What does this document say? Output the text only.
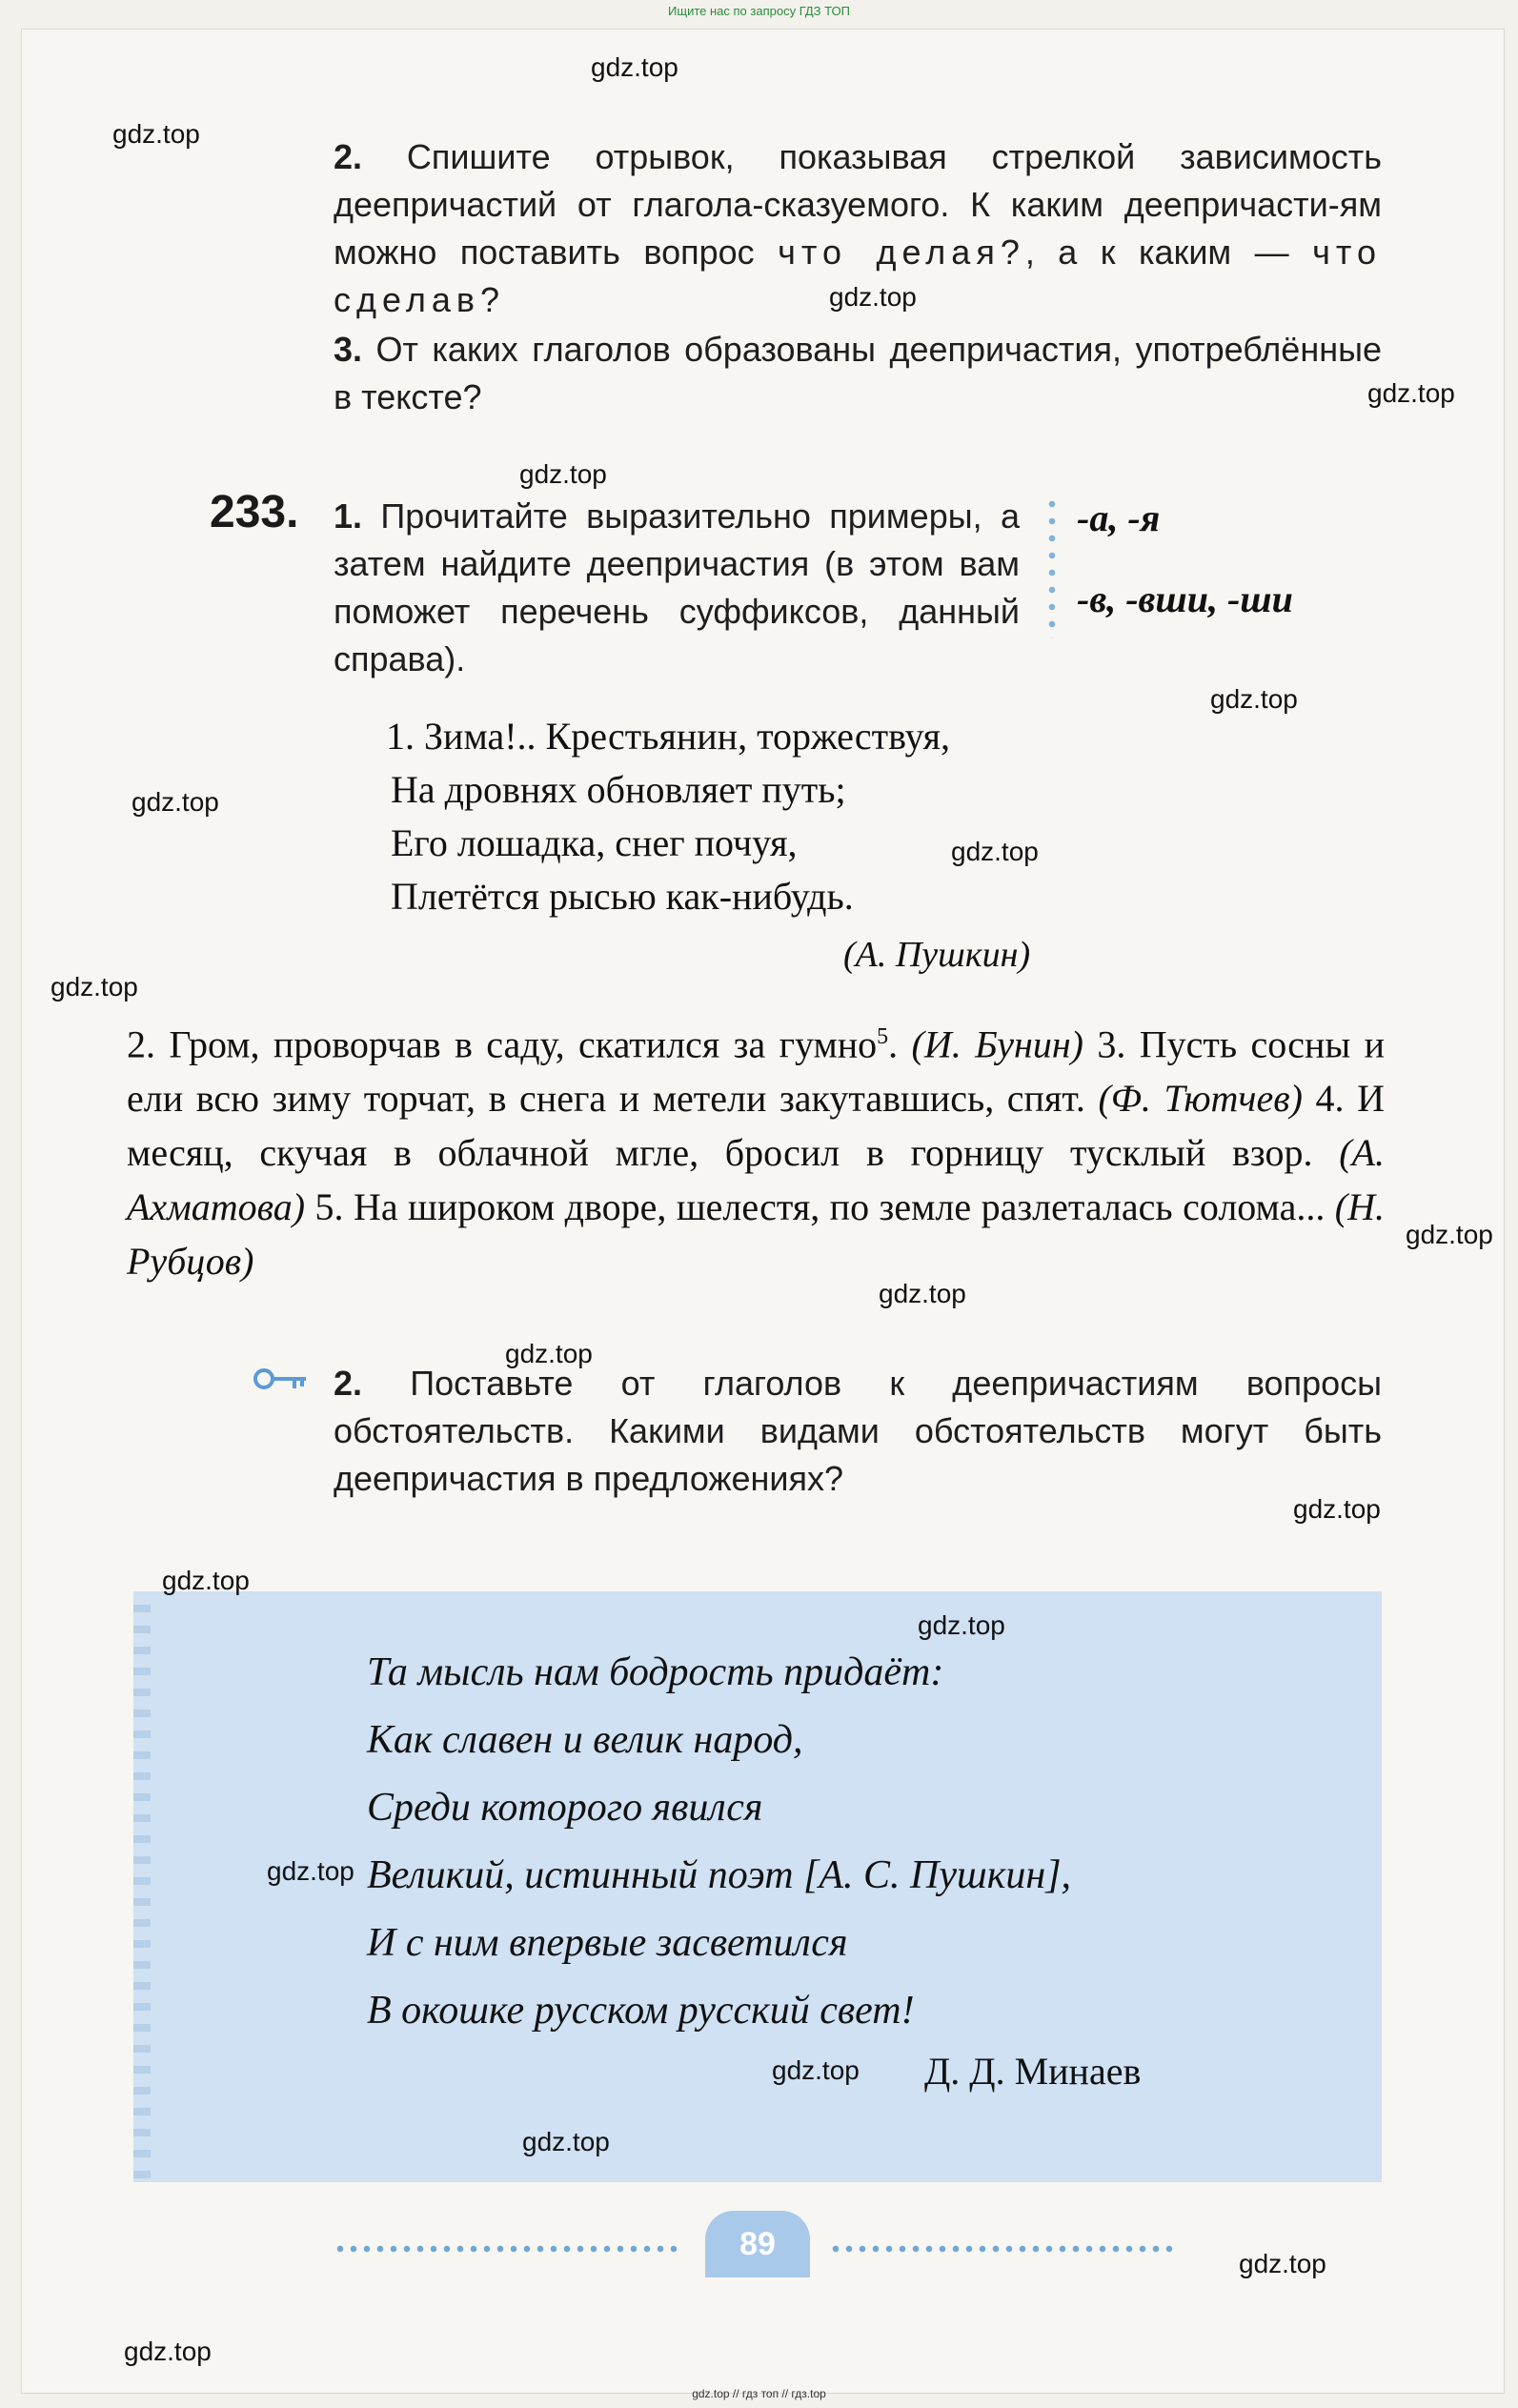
Ищите нас по запросу ГДЗ ТОП
2. Спишите отрывок, показывая стрелкой зависимость деепричастий от глагола-сказуемого. К каким деепричасти-ям можно поставить вопрос что делая?, а к каким — что сделав?
3. От каких глаголов образованы деепричастия, употреблённые в тексте?
233. 1. Прочитайте выразительно примеры, а затем найдите деепричастия (в этом вам поможет перечень суффиксов, данный справа).
-а, -я
-в, -вши, -ши
1. Зима!.. Крестьянин, торжествуя,
На дровнях обновляет путь;
Его лошадка, снег почуя,
Плетётся рысью как-нибудь.
(А. Пушкин)
2. Гром, проворчав в саду, скатился за гумно$^5$. (И. Бунин) 3. Пусть сосны и ели всю зиму торчат, в снега и метели закутавшись, спят. (Ф. Тютчев) 4. И месяц, скучая в облачной мгле, бросил в горницу тусклый взор. (А. Ахматова) 5. На широком дворе, шелестя, по земле разлеталась солома... (Н. Рубцов)
2. Поставьте от глаголов к деепричастиям вопросы обстоятельств. Какими видами обстоятельств могут быть деепричастия в предложениях?
Та мысль нам бодрость придаёт:
Как славен и велик народ,
Среди которого явился
Великий, истинный поэт [А. С. Пушкин],
И с ним впервые засветился
В окошке русском русский свет!
Д. Д. Минаев
89
gdz.top
gdz.top
gdz.top
gdz.top
gdz.top
gdz.top
gdz.top
gdz.top
gdz.top
gdz.top
gdz.top
gdz.top
gdz.top
gdz.top
gdz.top
gdz.top
gdz.top
gdz.top
gdz.top
gdz.top
gdz.top // гдз топ // гдз.top
